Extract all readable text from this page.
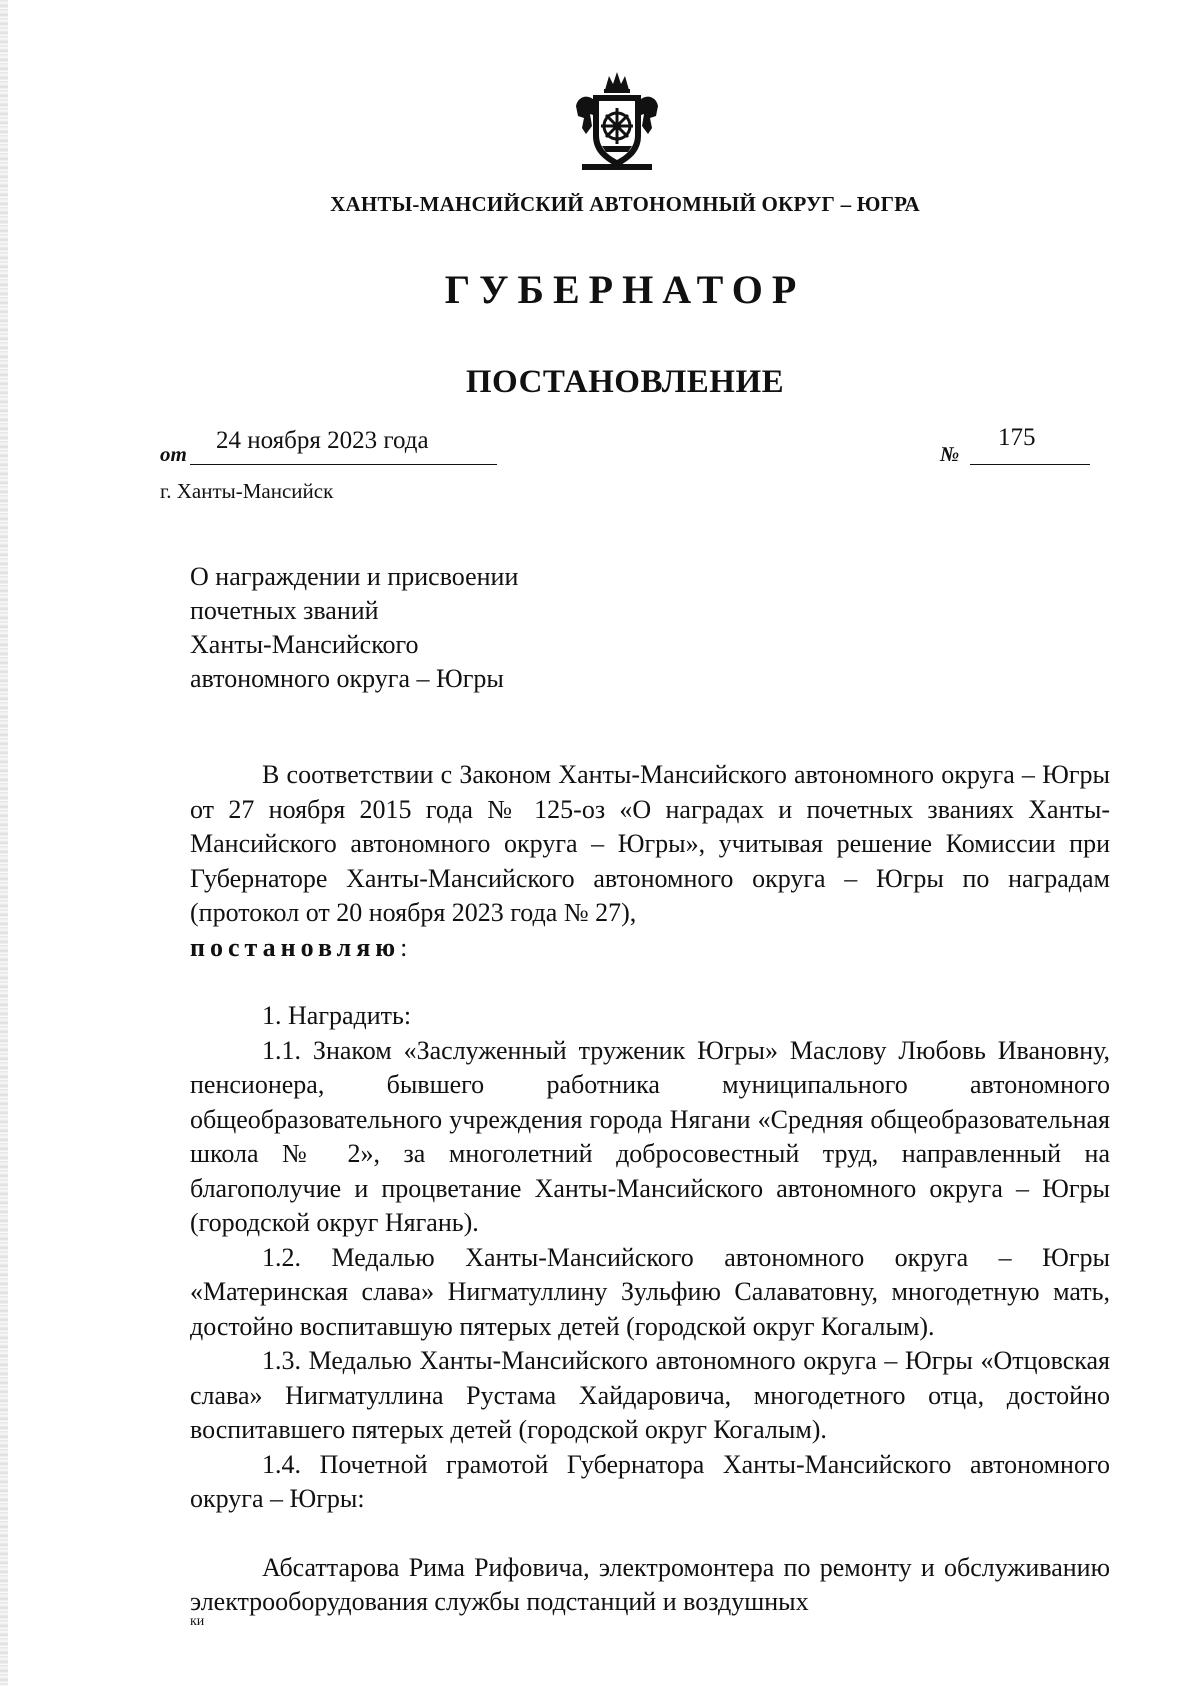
ХАНТЫ-МАНСИЙСКИЙ АВТОНОМНЫЙ ОКРУГ – ЮГРА
ГУБЕРНАТОР
ПОСТАНОВЛЕНИЕ
от 24 ноября 2023 года	№
175
г. Ханты-Мансийск
О награждении и присвоении
почетных званий
Ханты-Мансийского
автономного округа – Югры

В соответствии с Законом Ханты-Мансийского автономного округа – Югры от 27 ноября 2015 года № 125-оз «О наградах и почетных званиях Ханты-Мансийского автономного округа – Югры», учитывая решение Комиссии при Губернаторе Ханты-Мансийского автономного округа – Югры по наградам (протокол от 20 ноября 2023 года № 27),
постановляю:

1. Наградить:

1.1. Знаком «Заслуженный труженик Югры» Маслову Любовь Ивановну, пенсионера, бывшего работника муниципального автономного общеобразовательного учреждения города Нягани «Средняя общеобразовательная школа № 2», за многолетний добросовестный труд, направленный на благополучие и процветание Ханты-Мансийского автономного округа – Югры (городской округ Нягань).

1.2. Медалью Ханты-Мансийского автономного округа – Югры «Материнская слава» Нигматуллину Зульфию Салаватовну, многодетную мать, достойно воспитавшую пятерых детей (городской округ Когалым).

1.3. Медалью Ханты-Мансийского автономного округа – Югры «Отцовская слава» Нигматуллина Рустама Хайдаровича, многодетного отца, достойно воспитавшего пятерых детей (городской округ Когалым).

1.4. Почетной грамотой Губернатора Ханты-Мансийского автономного округа – Югры:

Абсаттарова Рима Рифовича, электромонтера по ремонту и обслуживанию электрооборудования службы подстанций и воздушных

ки
